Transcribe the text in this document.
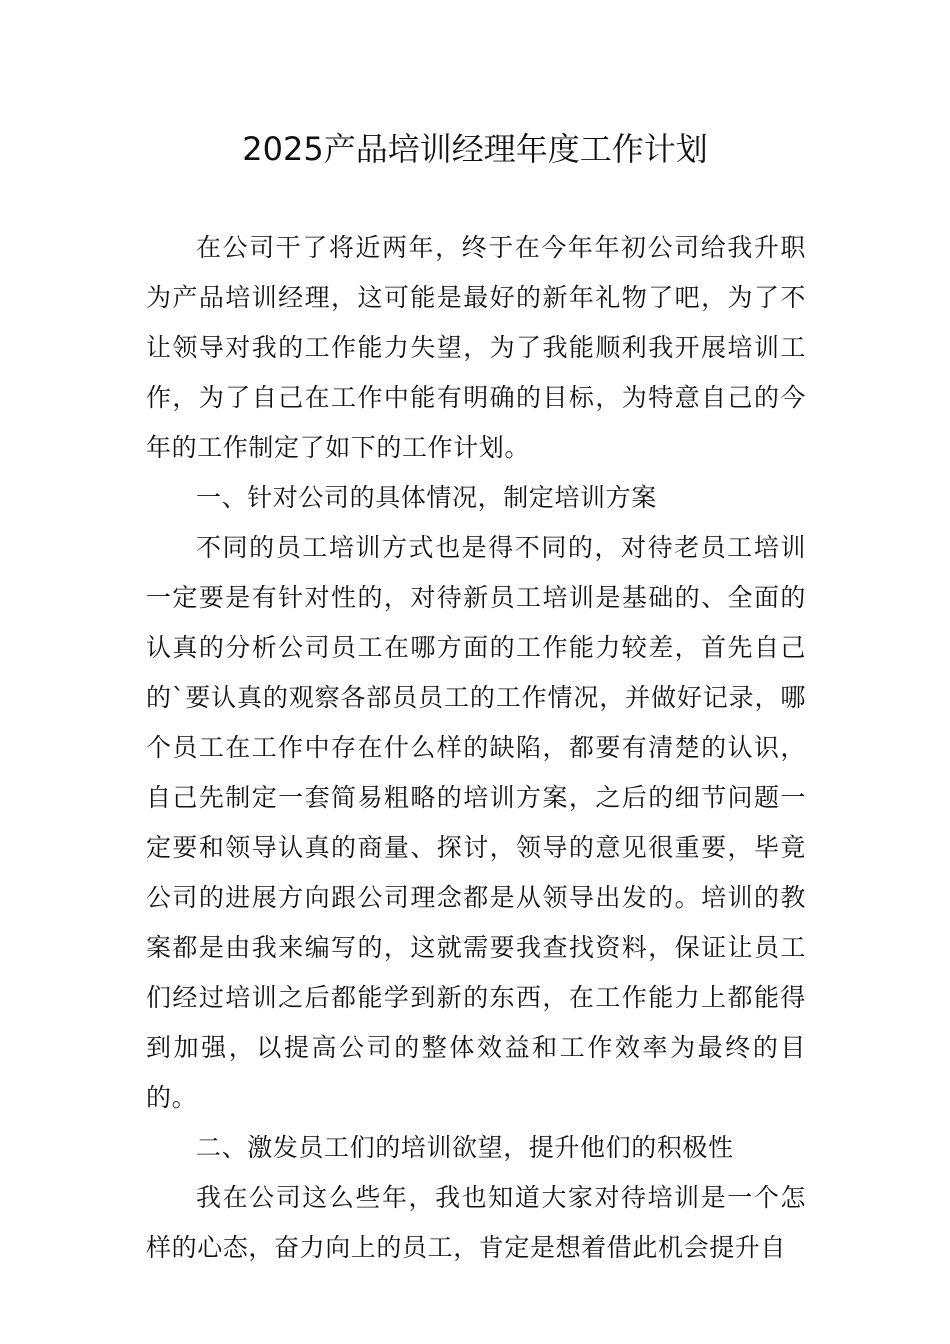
2025产品培训经理年度工作计划

在公司干了将近两年，终于在今年年初公司给我升职为产品培训经理，这可能是最好的新年礼物了吧，为了不让领导对我的工作能力失望，为了我能顺利我开展培训工作，为了自己在工作中能有明确的目标，为特意自己的今年的工作制定了如下的工作计划。

一、针对公司的具体情况，制定培训方案

不同的员工培训方式也是得不同的，对待老员工培训一定要是有针对性的，对待新员工培训是基础的、全面的认真的分析公司员工在哪方面的工作能力较差，首先自己的`要认真的观察各部员员工的工作情况，并做好记录，哪个员工在工作中存在什么样的缺陷，都要有清楚的认识，自己先制定一套简易粗略的培训方案，之后的细节问题一定要和领导认真的商量、探讨，领导的意见很重要，毕竟公司的进展方向跟公司理念都是从领导出发的。培训的教案都是由我来编写的，这就需要我查找资料，保证让员工们经过培训之后都能学到新的东西，在工作能力上都能得到加强，以提高公司的整体效益和工作效率为最终的目的。

二、激发员工们的培训欲望，提升他们的积极性

我在公司这么些年，我也知道大家对待培训是一个怎样的心态，奋力向上的员工，肯定是想着借此机会提升自
